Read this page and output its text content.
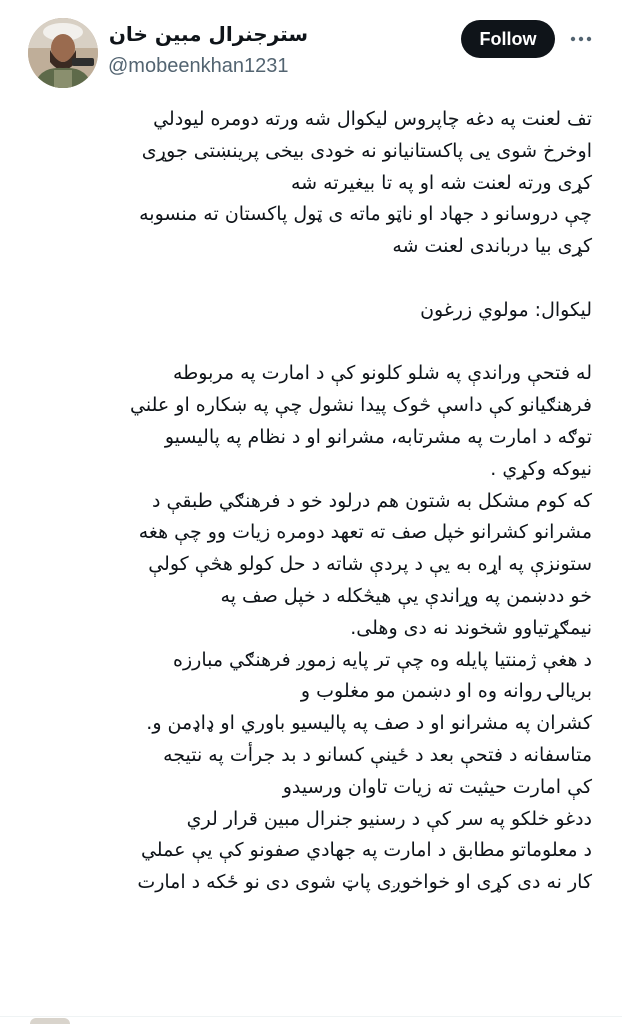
سترجنرال مبين خان
@mobeenkhan1231
Follow
تف لعنت په دغه چاپروس ليکوال شه ورته دومره ليودلي
اوخرخ شوی يی پاکستانيانو نه خودی بيخی پرينښتی جوړی
کړی ورته لعنت شه او په تا بيغيرته شه
چې دروسانو د جهاد او ناټو ماته ی ټول پاکستان ته منسوبه
کړی بيا درباندی لعنت شه
ليکوال: مولوي زرغون
له فتحې وراندې په شلو کلونو کې د امارت په مربوطه
فرهنګيانو کې داسې څوک پيدا نشول چې په ښکاره او علني
توګه د امارت په مشرتابه، مشرانو او د نظام په پاليسيو
نيوکه وکړي .
که کوم مشکل به شتون هم درلود خو د فرهنګي طبقې د
مشرانو کشرانو خپل صف ته تعهد دومره زيات وو چې هغه
ستونزې په اړه به يې د پردې شاته د حل کولو هڅې کولې
خو ددښمن په وړاندې يې هيڅکله د خپل صف په
نيمګړتياوو شخوند نه دی وهلی.
د هغې ژمنتيا پايله وه چې تر پايه زموږ فرهنګي مبارزه
بريالۍ روانه وه او دښمن مو مغلوب و
کشران په مشرانو او د صف په پاليسيو باوري او ډاډمن و.
متاسفانه د فتحې بعد د ځينې کسانو د بد جرأت په نتيجه
کې امارت حيثيت ته زيات تاوان ورسيدو
ددغو خلکو په سر کې د رسنيو جنرال مبين قرار لري
د معلوماتو مطابق د امارت په جهادي صفونو کې يې عملي
کار نه دی کړی او خواخوږی پاټ شوی دی نو ځکه د امارت
